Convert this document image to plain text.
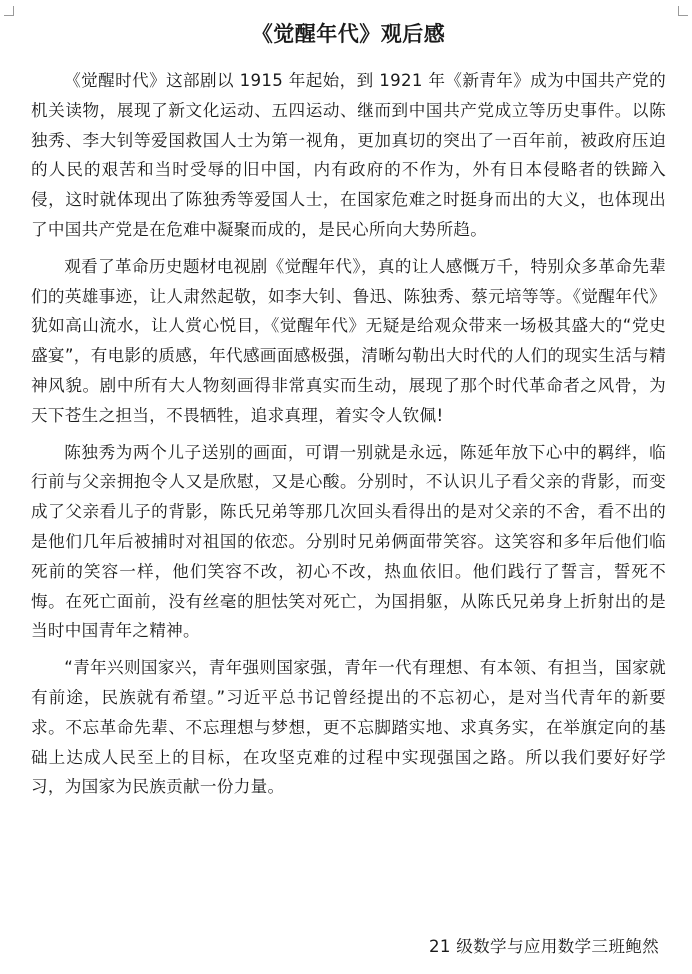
《觉醒年代》观后感

《觉醒时代》这部剧以 1915 年起始，到 1921 年《新青年》成为中国共产党的机关读物，展现了新文化运动、五四运动、继而到中国共产党成立等历史事件。以陈独秀、李大钊等爱国救国人士为第一视角，更加真切的突出了一百年前，被政府压迫的人民的艰苦和当时受辱的旧中国，内有政府的不作为，外有日本侵略者的铁蹄入侵，这时就体现出了陈独秀等爱国人士，在国家危难之时挺身而出的大义，也体现出了中国共产党是在危难中凝聚而成的，是民心所向大势所趋。

观看了革命历史题材电视剧《觉醒年代》，真的让人感慨万千，特别众多革命先辈们的英雄事迹，让人肃然起敬，如李大钊、鲁迅、陈独秀、蔡元培等等。《觉醒年代》犹如高山流水，让人赏心悦目，《觉醒年代》无疑是给观众带来一场极其盛大的“党史盛宴”，有电影的质感，年代感画面感极强，清晰勾勒出大时代的人们的现实生活与精神风貌。剧中所有大人物刻画得非常真实而生动，展现了那个时代革命者之风骨，为天下苍生之担当，不畏牺牲，追求真理，着实令人钦佩!

陈独秀为两个儿子送别的画面，可谓一别就是永远，陈延年放下心中的羁绊，临行前与父亲拥抱令人又是欣慰，又是心酸。分别时，不认识儿子看父亲的背影，而变成了父亲看儿子的背影，陈氏兄弟等那几次回头看得出的是对父亲的不舍，看不出的是他们几年后被捕时对祖国的依恋。分别时兄弟俩面带笑容。这笑容和多年后他们临死前的笑容一样，他们笑容不改，初心不改，热血依旧。他们践行了誓言，誓死不悔。在死亡面前，没有丝毫的胆怯笑对死亡，为国捐躯，从陈氏兄弟身上折射出的是当时中国青年之精神。

“青年兴则国家兴，青年强则国家强，青年一代有理想、有本领、有担当，国家就有前途，民族就有希望。”习近平总书记曾经提出的不忘初心，是对当代青年的新要求。不忘革命先辈、不忘理想与梦想，更不忘脚踏实地、求真务实，在举旗定向的基础上达成人民至上的目标，在攻坚克难的过程中实现强国之路。所以我们要好好学习，为国家为民族贡献一份力量。

21 级数学与应用数学三班鲍然
